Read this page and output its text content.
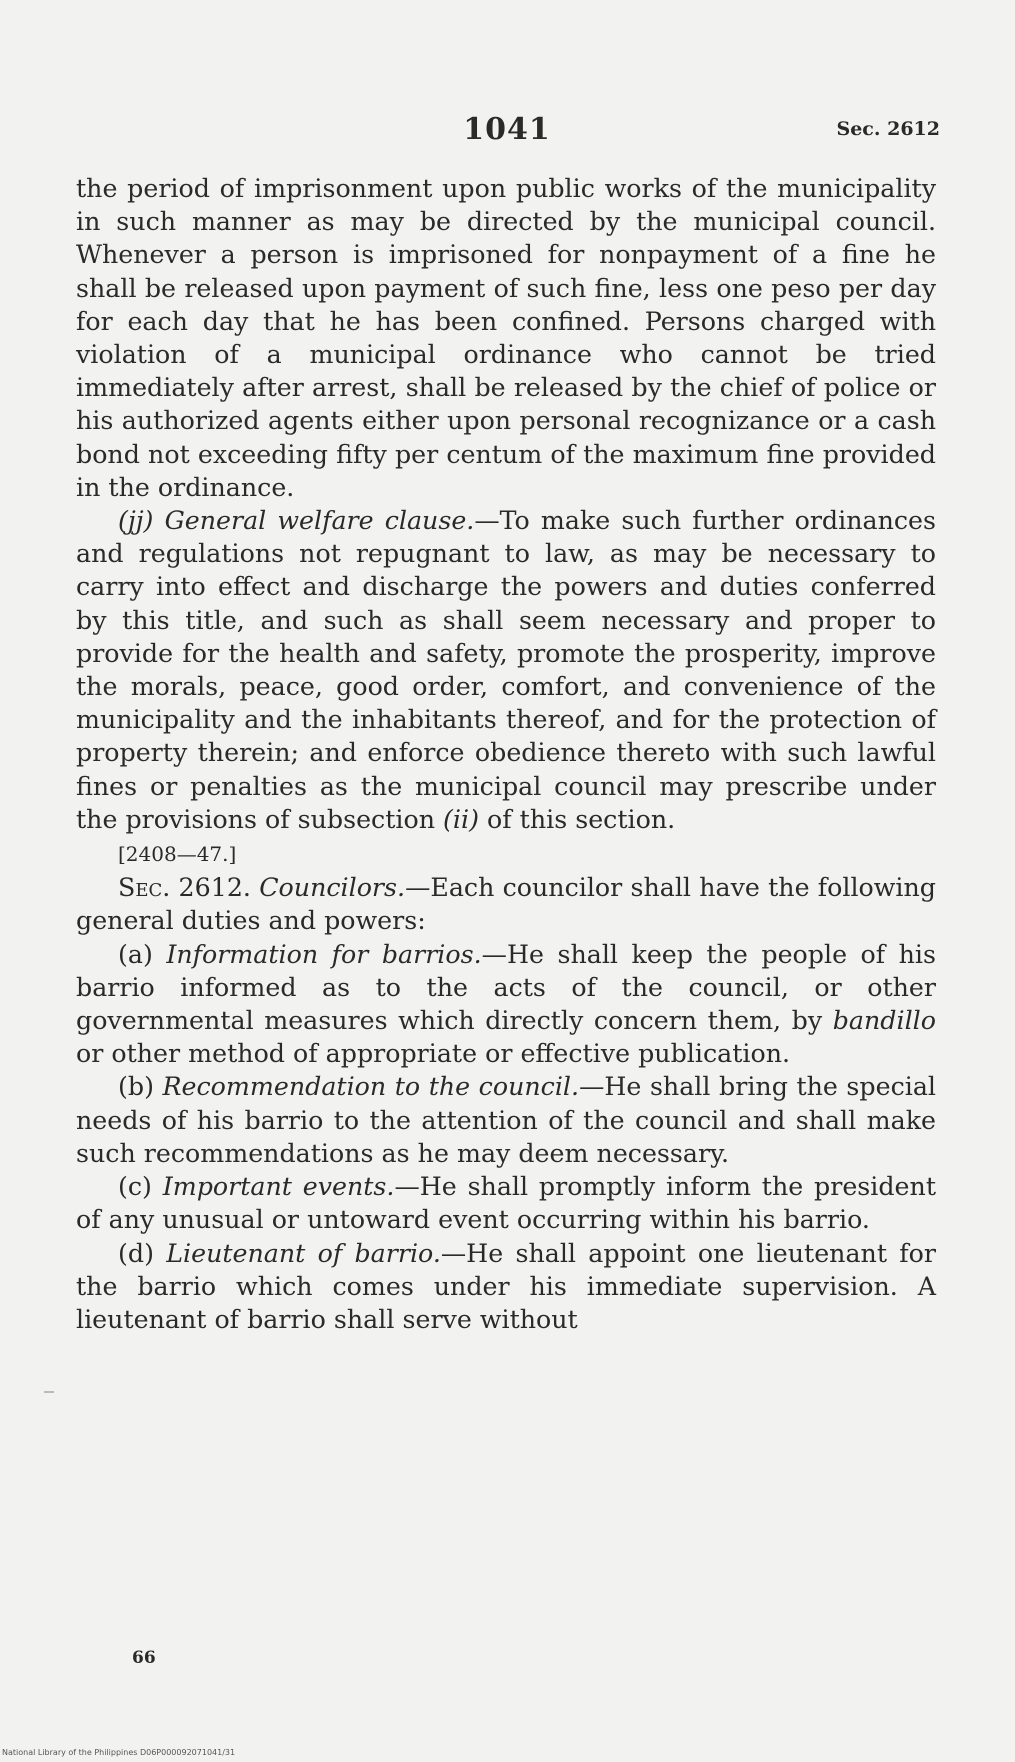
1041	Sec. 2612

the period of imprisonment upon public works of the municipality in such manner as may be directed by the municipal council. Whenever a person is imprisoned for nonpayment of a fine he shall be released upon payment of such fine, less one peso per day for each day that he has been confined. Persons charged with violation of a municipal ordinance who cannot be tried immediately after arrest, shall be released by the chief of police or his authorized agents either upon personal recognizance or a cash bond not exceeding fifty per centum of the maximum fine provided in the ordinance.

(jj) General welfare clause.—To make such further ordinances and regulations not repugnant to law, as may be necessary to carry into effect and discharge the powers and duties conferred by this title, and such as shall seem necessary and proper to provide for the health and safety, promote the prosperity, improve the morals, peace, good order, comfort, and convenience of the municipality and the inhabitants thereof, and for the protection of property therein; and enforce obedience thereto with such lawful fines or penalties as the municipal council may prescribe under the provisions of subsection (ii) of this section.

[2408—47.]

Sec. 2612. Councilors.—Each councilor shall have the following general duties and powers:

(a) Information for barrios.—He shall keep the people of his barrio informed as to the acts of the council, or other governmental measures which directly concern them, by bandillo or other method of appropriate or effective publication.

(b) Recommendation to the council.—He shall bring the special needs of his barrio to the attention of the council and shall make such recommendations as he may deem necessary.

(c) Important events.—He shall promptly inform the president of any unusual or untoward event occurring within his barrio.

(d) Lieutenant of barrio.—He shall appoint one lieutenant for the barrio which comes under his immediate supervision. A lieutenant of barrio shall serve without

66
National Library of the Philippines D06P000092071041/31
